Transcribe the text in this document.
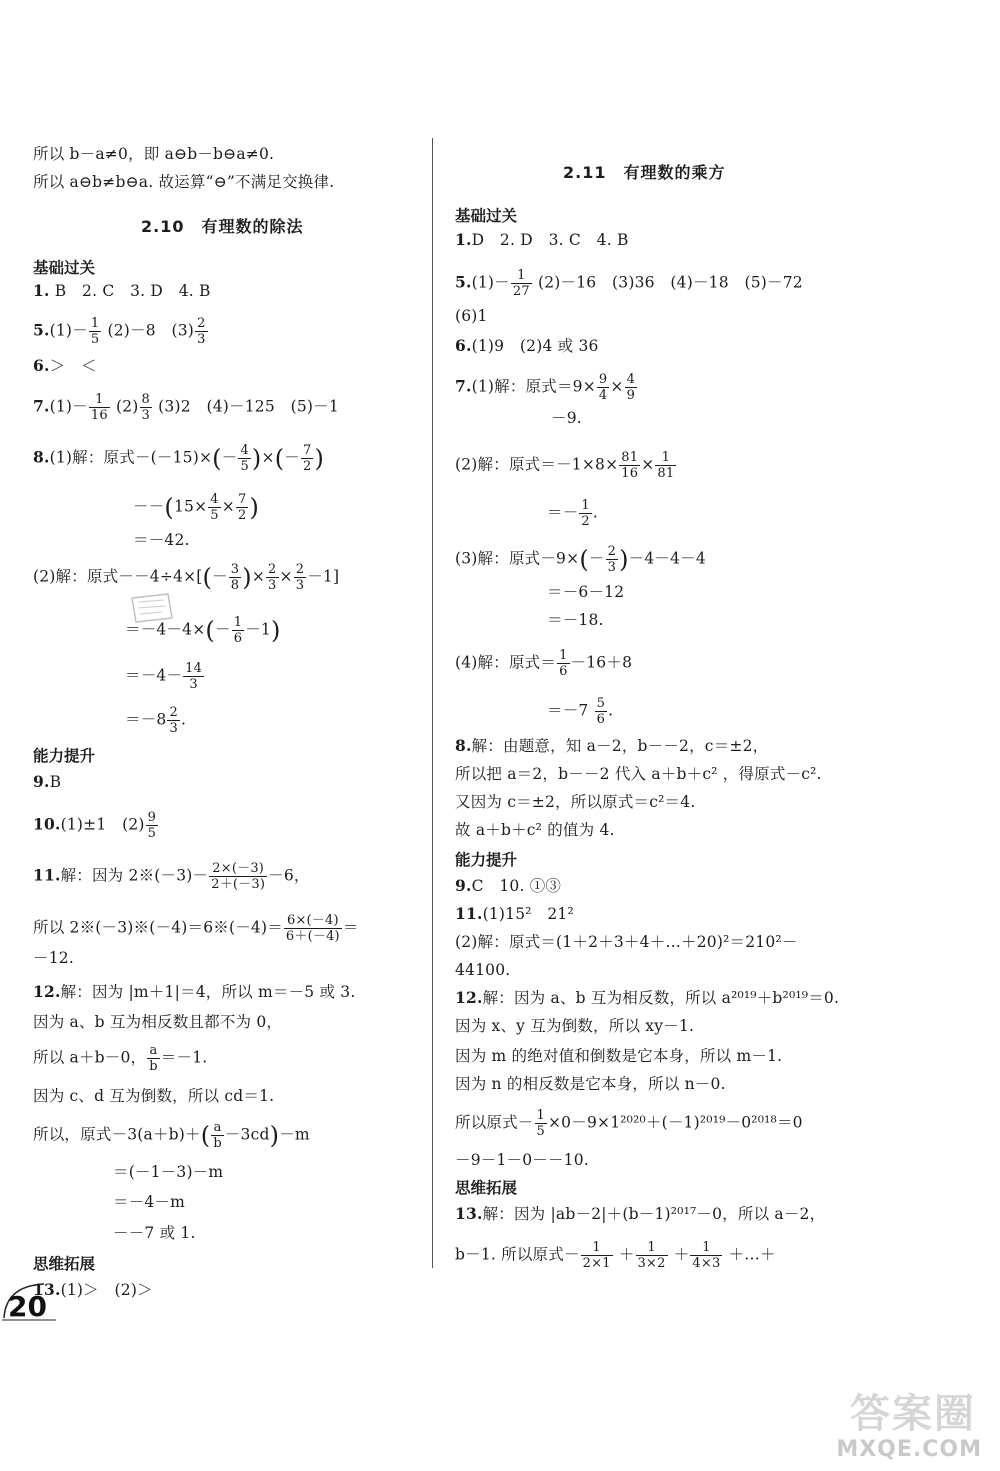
所以 b－a≠0，即 a⊖b－b⊖a≠0.
所以 a⊖b≠b⊖a. 故运算“⊖”不满足交换律.
2.10　有理数的除法
基础过关
1. B　2. C　3. D　4. B
$5.(1)- \frac{1}{5} (2)-8$　$(3) \frac{2}{3}$
6.＞　＜
$7.(1)- \frac{1}{16} (2) \frac{8}{3} (3)2$　(4)－125　(5)－1
8.(1)解：原式$-(-15)\times(- \frac{4}{5}$ )×(－ $\frac{7}{2}$ )
$--(15\times \frac{4}{5} \times \frac{7}{2}$ )
＝－42.
(2)解：原式$--4\div 4\times[(- \frac{3}{8}$ )× $\frac{2}{3} \times \frac{2}{3} -1$]
$=-4-4\times(- \frac{1}{6} -1)$
$=-4- \frac{14}{3}$
$=-8 \frac{2}{3}$ .
能力提升
9.B
10.(1)±1　$(2) \frac{9}{5}$
11.解：因为 2※(－3)－ $\frac{2\times(-3)}{2+(-3)} -6$，
所以 2※(－3)※(－4)＝6※(－4)＝ $\frac{6\times(-4)}{6+(-4)}$ ＝
－12.
12.解：因为 |m＋1|＝4，所以 m＝－5 或 3.
因为 a、b 互为相反数且都不为 0，
所以 a＋b－0， $\frac{a}{b} =-1$.
因为 c、d 互为倒数，所以 cd＝1.
所以，原式$-3(a+b)+( \frac{a}{b} -3cd)-m$
＝(－1－3)－m
＝－4－m
－－7 或 1.
思维拓展
13.(1)＞　(2)＞
2.11　有理数的乘方
基础过关
1.D　2. D　3. C　4. B
$5.(1)- \frac{1}{27} (2)-16$　(3)36　(4)－18　(5)－72
(6)1
6.(1)9　(2)4 或 36
7.(1)解：原式$=9\times \frac{9}{4} \times \frac{4}{9}$
－9.
(2)解：原式$=-1\times 8\times \frac{81}{16} \times \frac{1}{81}$
＝－ $\frac{1}{2}$ .
(3)解：原式$-9\times(- \frac{2}{3} )-4-4-4$
＝－6－12
＝－18.
(4)解：原式＝ $\frac{1}{6} -16+8$
$=-7 \frac{5}{6}$ .
8.解：由题意，知 a－2，b－－2，c＝±2，
所以把 a＝2，b－－2 代入 a＋b＋c² ，得原式－c².
又因为 c＝±2，所以原式＝c²＝4.
故 a＋b＋c² 的值为 4.
能力提升
9.C　10. ①③
11.(1)15²　21²
(2)解：原式＝(1＋2＋3＋4＋…＋20)²＝210²－
44100.
12.解：因为 a、b 互为相反数，所以 a²⁰¹⁹＋b²⁰¹⁹＝0.
因为 x、y 互为倒数，所以 xy－1.
因为 m 的绝对值和倒数是它本身，所以 m－1.
因为 n 的相反数是它本身，所以 n－0.
所以原式－ $\frac{1}{5} \times 0-9\times 1^{2020}+(-1)^{2019}-0^{2018}=0$
－9－1－0－－10.
思维拓展
13.解：因为 |ab－2|＋(b－1)²⁰¹⁷－0，所以 a－2，
b－1. 所以原式－ $\frac{1}{2\times 1} + \frac{1}{3\times 2} + \frac{1}{4\times 3}$ ＋…＋
20
答案圈
MXQE.COM
